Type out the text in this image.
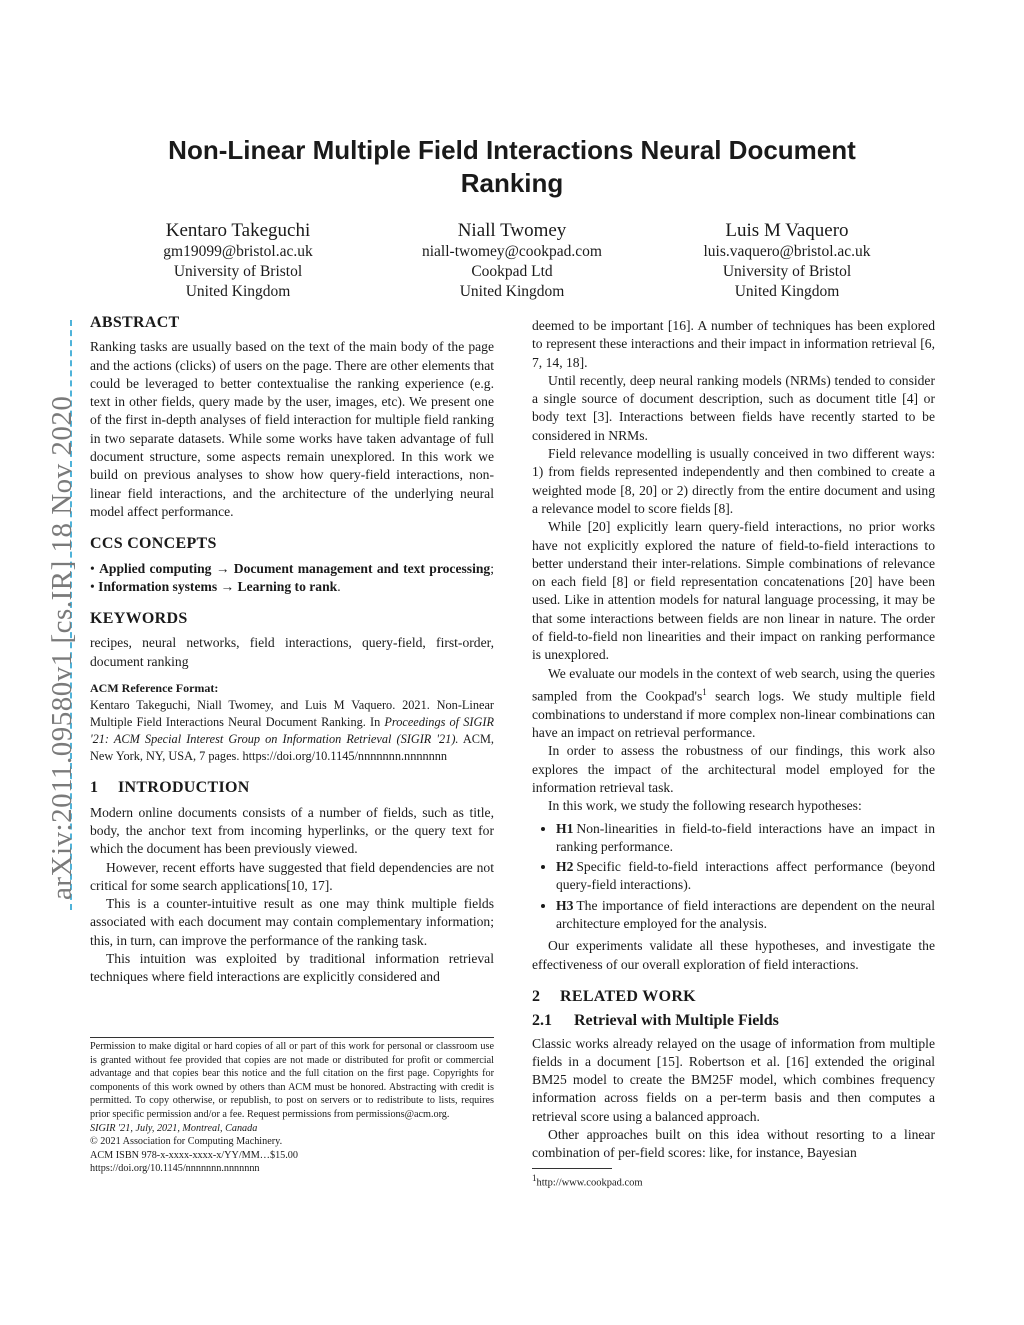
arXiv:2011.09580v1 [cs.IR] 18 Nov 2020
Non-Linear Multiple Field Interactions Neural Document Ranking
Kentaro Takeguchi
gm19099@bristol.ac.uk
University of Bristol
United Kingdom
Niall Twomey
niall-twomey@cookpad.com
Cookpad Ltd
United Kingdom
Luis M Vaquero
luis.vaquero@bristol.ac.uk
University of Bristol
United Kingdom
ABSTRACT

Ranking tasks are usually based on the text of the main body of the page and the actions (clicks) of users on the page. There are other elements that could be leveraged to better contextualise the ranking experience (e.g. text in other fields, query made by the user, images, etc). We present one of the first in-depth analyses of field interaction for multiple field ranking in two separate datasets. While some works have taken advantage of full document structure, some aspects remain unexplored. In this work we build on previous analyses to show how query-field interactions, non-linear field interactions, and the architecture of the underlying neural model affect performance.

CCS CONCEPTS

• Applied computing → Document management and text processing; • Information systems → Learning to rank.

KEYWORDS

recipes, neural networks, field interactions, query-field, first-order, document ranking

ACM Reference Format:

Kentaro Takeguchi, Niall Twomey, and Luis M Vaquero. 2021. Non-Linear Multiple Field Interactions Neural Document Ranking. In Proceedings of SIGIR '21: ACM Special Interest Group on Information Retrieval (SIGIR '21). ACM, New York, NY, USA, 7 pages. https://doi.org/10.1145/nnnnnnn.nnnnnnn

1 INTRODUCTION

Modern online documents consists of a number of fields, such as title, body, the anchor text from incoming hyperlinks, or the query text for which the document has been previously viewed.

However, recent efforts have suggested that field dependencies are not critical for some search applications[10, 17].

This is a counter-intuitive result as one may think multiple fields associated with each document may contain complementary information; this, in turn, can improve the performance of the ranking task.

This intuition was exploited by traditional information retrieval techniques where field interactions are explicitly considered and

Permission to make digital or hard copies of all or part of this work for personal or classroom use is granted without fee provided that copies are not made or distributed for profit or commercial advantage and that copies bear this notice and the full citation on the first page. Copyrights for components of this work owned by others than ACM must be honored. Abstracting with credit is permitted. To copy otherwise, or republish, to post on servers or to redistribute to lists, requires prior specific permission and/or a fee. Request permissions from permissions@acm.org.
SIGIR '21, July, 2021, Montreal, Canada
© 2021 Association for Computing Machinery.
ACM ISBN 978-x-xxxx-xxxx-x/YY/MM…$15.00
https://doi.org/10.1145/nnnnnnn.nnnnnnn

deemed to be important [16]. A number of techniques has been explored to represent these interactions and their impact in information retrieval [6, 7, 14, 18].

Until recently, deep neural ranking models (NRMs) tended to consider a single source of document description, such as document title [4] or body text [3]. Interactions between fields have recently started to be considered in NRMs.

Field relevance modelling is usually conceived in two different ways: 1) from fields represented independently and then combined to create a weighted mode [8, 20] or 2) directly from the entire document and using a relevance model to score fields [8].

While [20] explicitly learn query-field interactions, no prior works have not explicitly explored the nature of field-to-field interactions to better understand their inter-relations. Simple combinations of relevance on each field [8] or field representation concatenations [20] have been used. Like in attention models for natural language processing, it may be that some interactions between fields are non linear in nature. The order of field-to-field non linearities and their impact on ranking performance is unexplored.

We evaluate our models in the context of web search, using the queries sampled from the $Cookpad's^1$ search logs. We study multiple field combinations to understand if more complex non-linear combinations can have an impact on retrieval performance.

In order to assess the robustness of our findings, this work also explores the impact of the architectural model employed for the information retrieval task.

In this work, we study the following research hypotheses:

• H1 Non-linearities in field-to-field interactions have an impact in ranking performance.
• H2 Specific field-to-field interactions affect performance (beyond query-field interactions).
• H3 The importance of field interactions are dependent on the neural architecture employed for the analysis.

Our experiments validate all these hypotheses, and investigate the effectiveness of our overall exploration of field interactions.

2 RELATED WORK
2.1 Retrieval with Multiple Fields

Classic works already relayed on the usage of information from multiple fields in a document [15]. Robertson et al. [16] extended the original BM25 model to create the BM25F model, which combines frequency information across fields on a per-term basis and then computes a retrieval score using a balanced approach.

Other approaches built on this idea without resorting to a linear combination of per-field scores: like, for instance, Bayesian

$^1$http://www.cookpad.com
